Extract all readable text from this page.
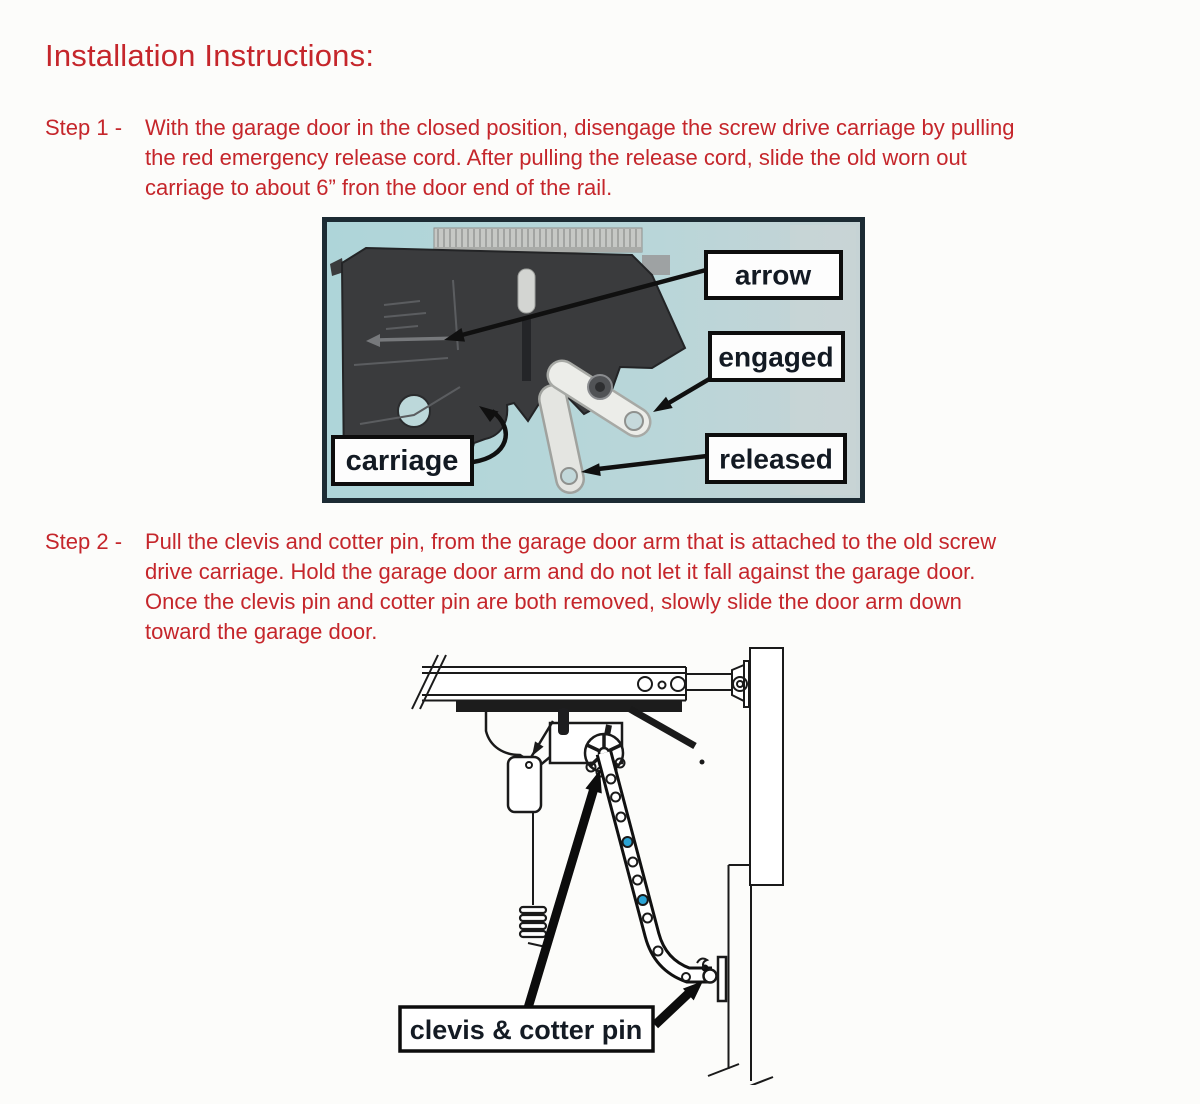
Installation Instructions:
Step 1 - With the garage door in the closed position, disengage the screw drive carriage by pulling
the red emergency release cord. After pulling the release cord, slide the old worn out
carriage to about 6” fron the door end of the rail.
arrow
engaged
released
carriage
Step 2 - Pull the clevis and cotter pin, from the garage door arm that is attached to the old screw
drive carriage. Hold the garage door arm and do not let it fall against the garage door.
Once the clevis pin and cotter pin are both removed, slowly slide the door arm down
toward the garage door.
clevis & cotter pin
